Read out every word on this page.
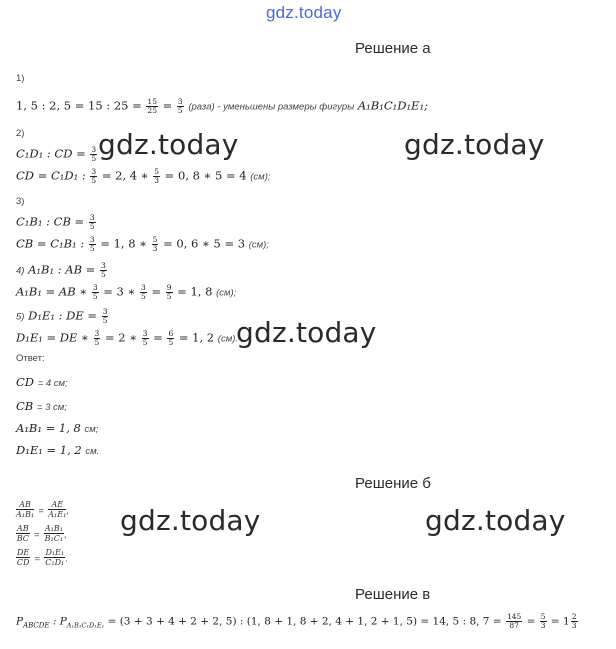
gdz.today
gdz.today	gdz.today
gdz.today
gdz.today	gdz.today
Решение а
1)
1, 5 : 2, 5 = 15 : $25 = \frac{15}{25} = \frac{3}{5}$ (раза) - уменьшены размеры фигуры A₁B₁C₁D₁E₁;
2)
C₁D₁ : CD = $\frac{3}{5}$
CD = C₁D₁ : $\frac{3}{5} = 2$, 4 ∗ $\frac{5}{3} = 0$, 8 ∗ 5 = 4 (см);
3)
C₁B₁ : CB = $\frac{3}{5}$
CB = C₁B₁ : $\frac{3}{5} = 1$, 8 ∗ $\frac{5}{3} = 0$, 6 ∗ 5 = 3 (см);
4) A₁B₁ : AB = $\frac{3}{5}$
A₁B₁ = AB ∗ $\frac{3}{5} = 3$ ∗ $\frac{3}{5} = \frac{9}{5} = 1$, 8 (см);
5) D₁E₁ : DE = $\frac{3}{5}$
D₁E₁ = DE ∗ $\frac{3}{5} = 2$ ∗ $\frac{3}{5} = \frac{6}{5} = 1$, 2 (см).
Ответ:
CD = 4 см;
CB = 3 см;
A₁B₁ = 1, 8 см;
D₁E₁ = 1, 2 см.
Решение б
$\frac{AB}{\text{A₁B₁}} = \frac{AE}{\text{A₁E₁}}$ ,
$\frac{AB}{BC} = \frac{\text{A₁B₁}}{\text{B₁C₁}}$ ,
$\frac{DE}{CD} = \frac{\text{D₁E₁}}{\text{C₁D₁}}$ .
Решение в
$P_{ABCDE}$ : $P_{A_1B_1C_1D_1E_1} = (3 + 3 + 4 + 2 + 2$, 5) : (1, 8 + 1, 8 + 2, 4 + 1, 2 + 1, 5) = 14, 5 : 8, $7 = \frac{145}{87} = \frac{5}{3} = 1 \frac{2}{3}$
